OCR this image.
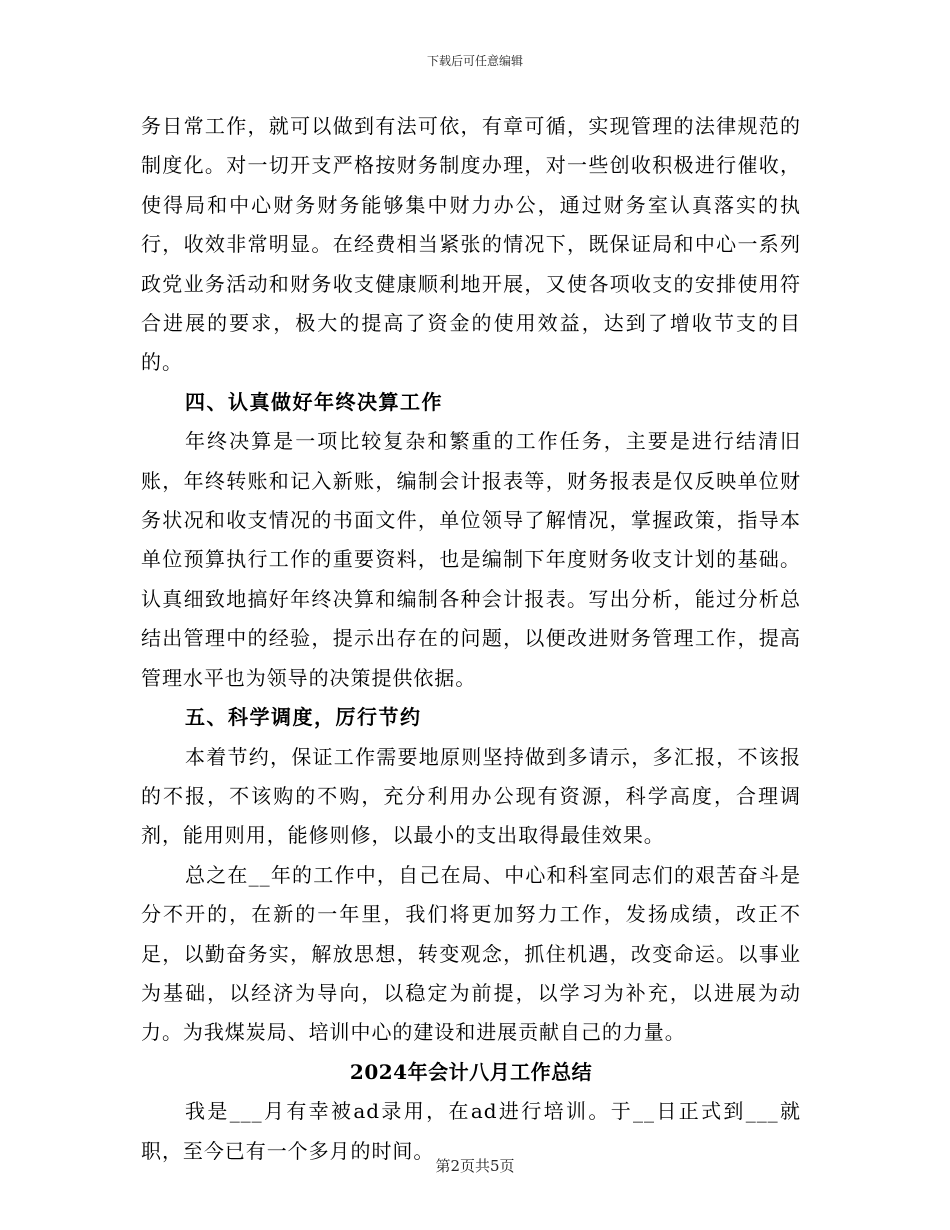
下载后可任意编辑

务日常工作，就可以做到有法可依，有章可循，实现管理的法律规范的制度化。对一切开支严格按财务制度办理，对一些创收积极进行催收，使得局和中心财务财务能够集中财力办公，通过财务室认真落实的执行，收效非常明显。在经费相当紧张的情况下，既保证局和中心一系列政党业务活动和财务收支健康顺利地开展，又使各项收支的安排使用符合进展的要求，极大的提高了资金的使用效益，达到了增收节支的目的。

四、认真做好年终决算工作

年终决算是一项比较复杂和繁重的工作任务，主要是进行结清旧账，年终转账和记入新账，编制会计报表等，财务报表是仅反映单位财务状况和收支情况的书面文件，单位领导了解情况，掌握政策，指导本单位预算执行工作的重要资料，也是编制下年度财务收支计划的基础。认真细致地搞好年终决算和编制各种会计报表。写出分析，能过分析总结出管理中的经验，提示出存在的问题，以便改进财务管理工作，提高管理水平也为领导的决策提供依据。

五、科学调度，厉行节约

本着节约，保证工作需要地原则坚持做到多请示，多汇报，不该报的不报，不该购的不购，充分利用办公现有资源，科学高度，合理调剂，能用则用，能修则修，以最小的支出取得最佳效果。

总之在__年的工作中，自己在局、中心和科室同志们的艰苦奋斗是分不开的，在新的一年里，我们将更加努力工作，发扬成绩，改正不足，以勤奋务实，解放思想，转变观念，抓住机遇，改变命运。以事业为基础，以经济为导向，以稳定为前提，以学习为补充，以进展为动力。为我煤炭局、培训中心的建设和进展贡献自己的力量。

2024年会计八月工作总结

我是___月有幸被ad录用，在ad进行培训。于__日正式到___就职，至今已有一个多月的时间。

第2页共5页
